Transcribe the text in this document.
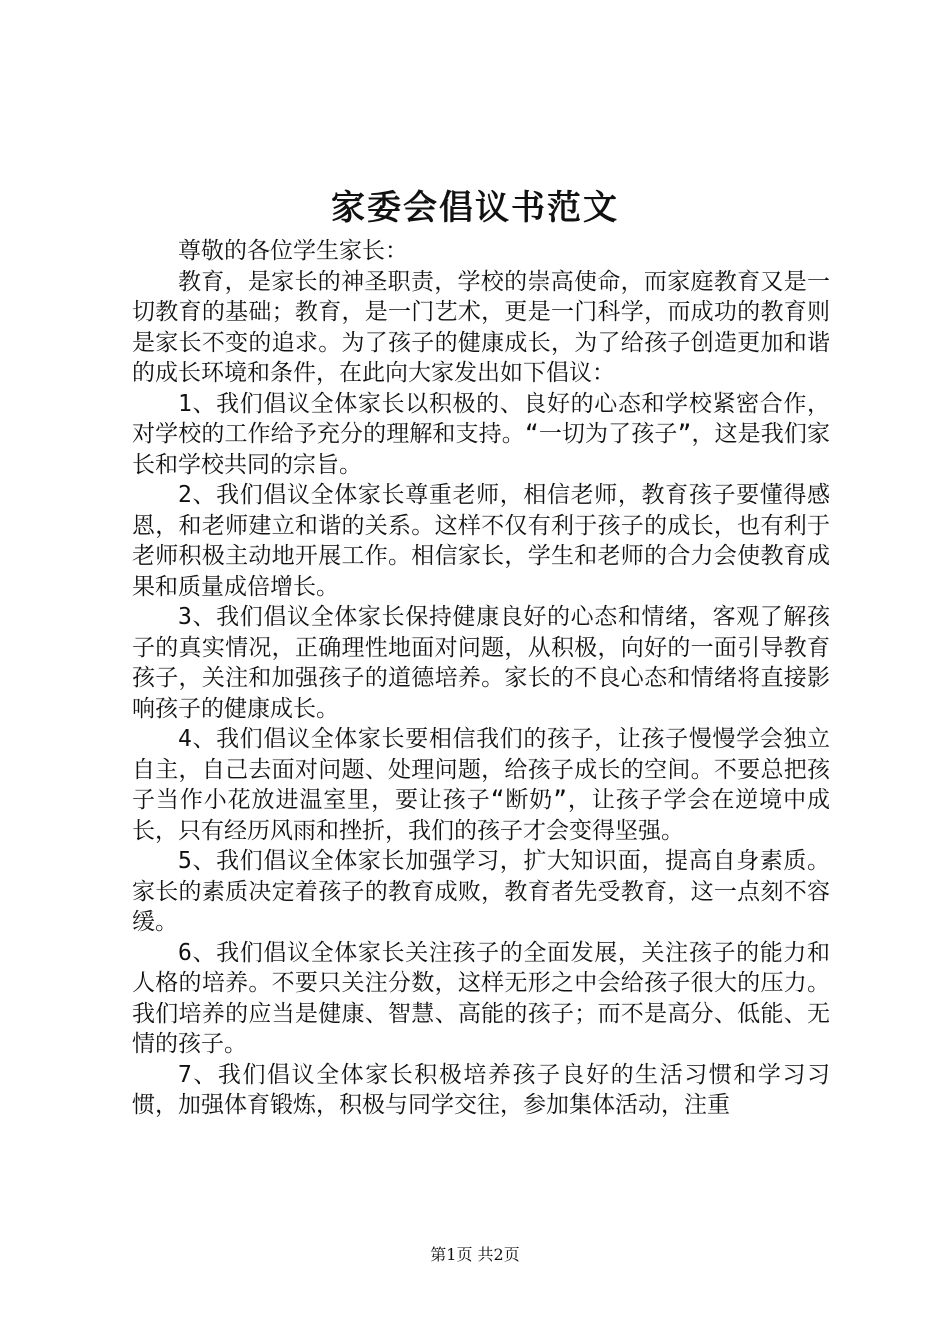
家委会倡议书范文

尊敬的各位学生家长：

教育，是家长的神圣职责，学校的崇高使命，而家庭教育又是一切教育的基础；教育，是一门艺术，更是一门科学，而成功的教育则是家长不变的追求。为了孩子的健康成长，为了给孩子创造更加和谐的成长环境和条件，在此向大家发出如下倡议：

1、我们倡议全体家长以积极的、良好的心态和学校紧密合作，对学校的工作给予充分的理解和支持。“一切为了孩子”，这是我们家长和学校共同的宗旨。

2、我们倡议全体家长尊重老师，相信老师，教育孩子要懂得感恩，和老师建立和谐的关系。这样不仅有利于孩子的成长，也有利于老师积极主动地开展工作。相信家长，学生和老师的合力会使教育成果和质量成倍增长。

3、我们倡议全体家长保持健康良好的心态和情绪，客观了解孩子的真实情况，正确理性地面对问题，从积极，向好的一面引导教育孩子，关注和加强孩子的道德培养。家长的不良心态和情绪将直接影响孩子的健康成长。

4、我们倡议全体家长要相信我们的孩子，让孩子慢慢学会独立自主，自己去面对问题、处理问题，给孩子成长的空间。不要总把孩子当作小花放进温室里，要让孩子“断奶”，让孩子学会在逆境中成长，只有经历风雨和挫折，我们的孩子才会变得坚强。

5、我们倡议全体家长加强学习，扩大知识面，提高自身素质。家长的素质决定着孩子的教育成败，教育者先受教育，这一点刻不容缓。

6、我们倡议全体家长关注孩子的全面发展，关注孩子的能力和人格的培养。不要只关注分数，这样无形之中会给孩子很大的压力。我们培养的应当是健康、智慧、高能的孩子；而不是高分、低能、无情的孩子。

7、我们倡议全体家长积极培养孩子良好的生活习惯和学习习惯，加强体育锻炼，积极与同学交往，参加集体活动，注重

第1页 共2页
